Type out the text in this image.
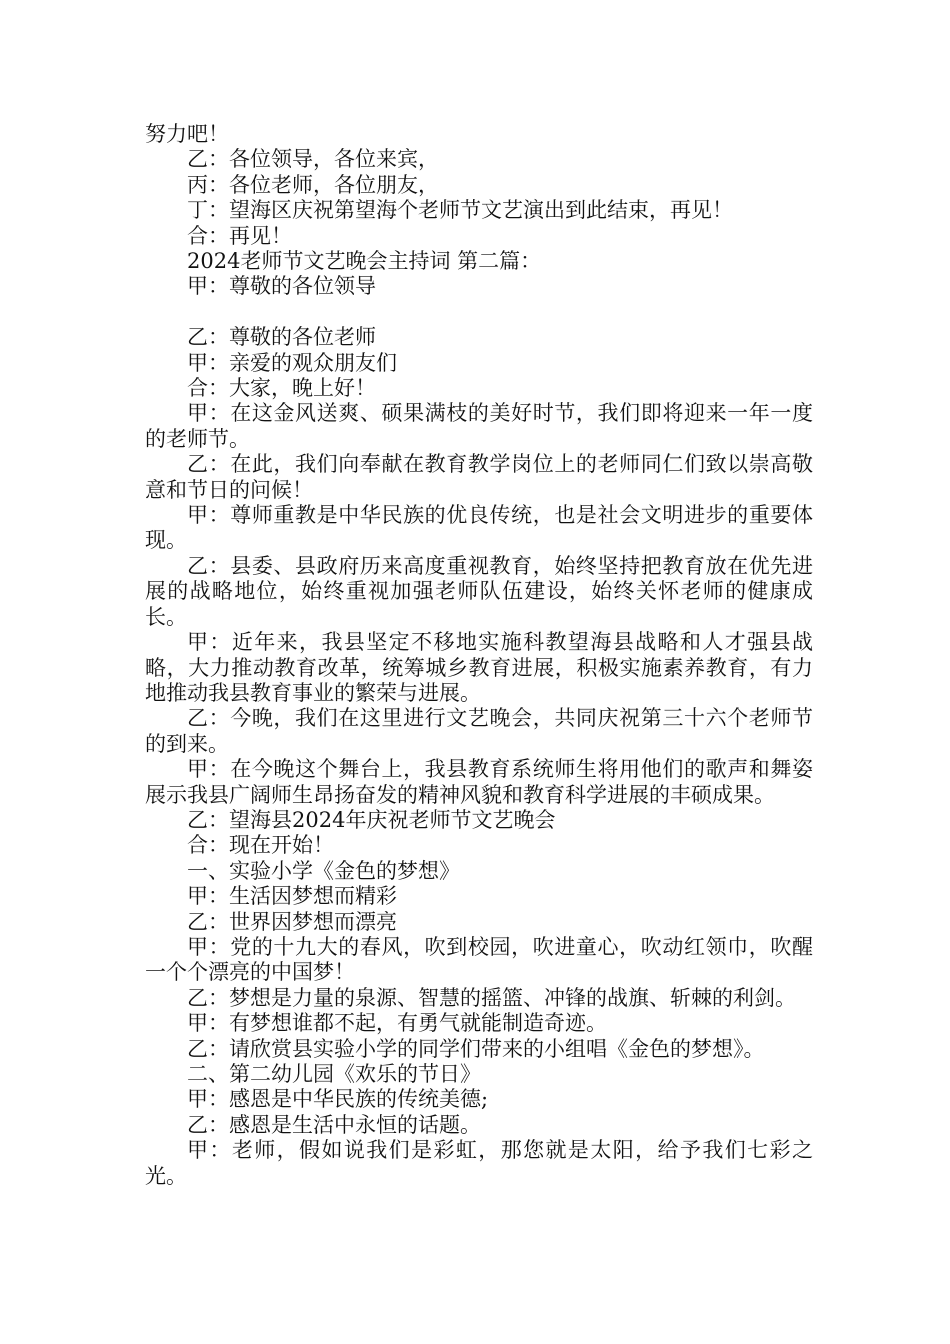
努力吧！

乙：各位领导，各位来宾，

丙：各位老师，各位朋友，

丁：望海区庆祝第望海个老师节文艺演出到此结束，再见！

合：再见！

2024老师节文艺晚会主持词 第二篇：

甲：尊敬的各位领导

乙：尊敬的各位老师

甲：亲爱的观众朋友们

合：大家，晚上好！

甲：在这金风送爽、硕果满枝的美好时节，我们即将迎来一年一度的老师节。

乙：在此，我们向奉献在教育教学岗位上的老师同仁们致以崇高敬意和节日的问候！

甲：尊师重教是中华民族的优良传统，也是社会文明进步的重要体现。

乙：县委、县政府历来高度重视教育，始终坚持把教育放在优先进展的战略地位，始终重视加强老师队伍建设，始终关怀老师的健康成长。

甲：近年来，我县坚定不移地实施科教望海县战略和人才强县战略，大力推动教育改革，统筹城乡教育进展，积极实施素养教育，有力地推动我县教育事业的繁荣与进展。

乙：今晚，我们在这里进行文艺晚会，共同庆祝第三十六个老师节的到来。

甲：在今晚这个舞台上，我县教育系统师生将用他们的歌声和舞姿展示我县广阔师生昂扬奋发的精神风貌和教育科学进展的丰硕成果。

乙：望海县2024年庆祝老师节文艺晚会

合：现在开始！

一、实验小学《金色的梦想》

甲：生活因梦想而精彩

乙：世界因梦想而漂亮

甲：党的十九大的春风，吹到校园，吹进童心，吹动红领巾，吹醒一个个漂亮的中国梦！

乙：梦想是力量的泉源、智慧的摇篮、冲锋的战旗、斩棘的利剑。

甲：有梦想谁都不起，有勇气就能制造奇迹。

乙：请欣赏县实验小学的同学们带来的小组唱《金色的梦想》。

二、第二幼儿园《欢乐的节日》

甲：感恩是中华民族的传统美德;

乙：感恩是生活中永恒的话题。

甲：老师，假如说我们是彩虹，那您就是太阳，给予我们七彩之光。
